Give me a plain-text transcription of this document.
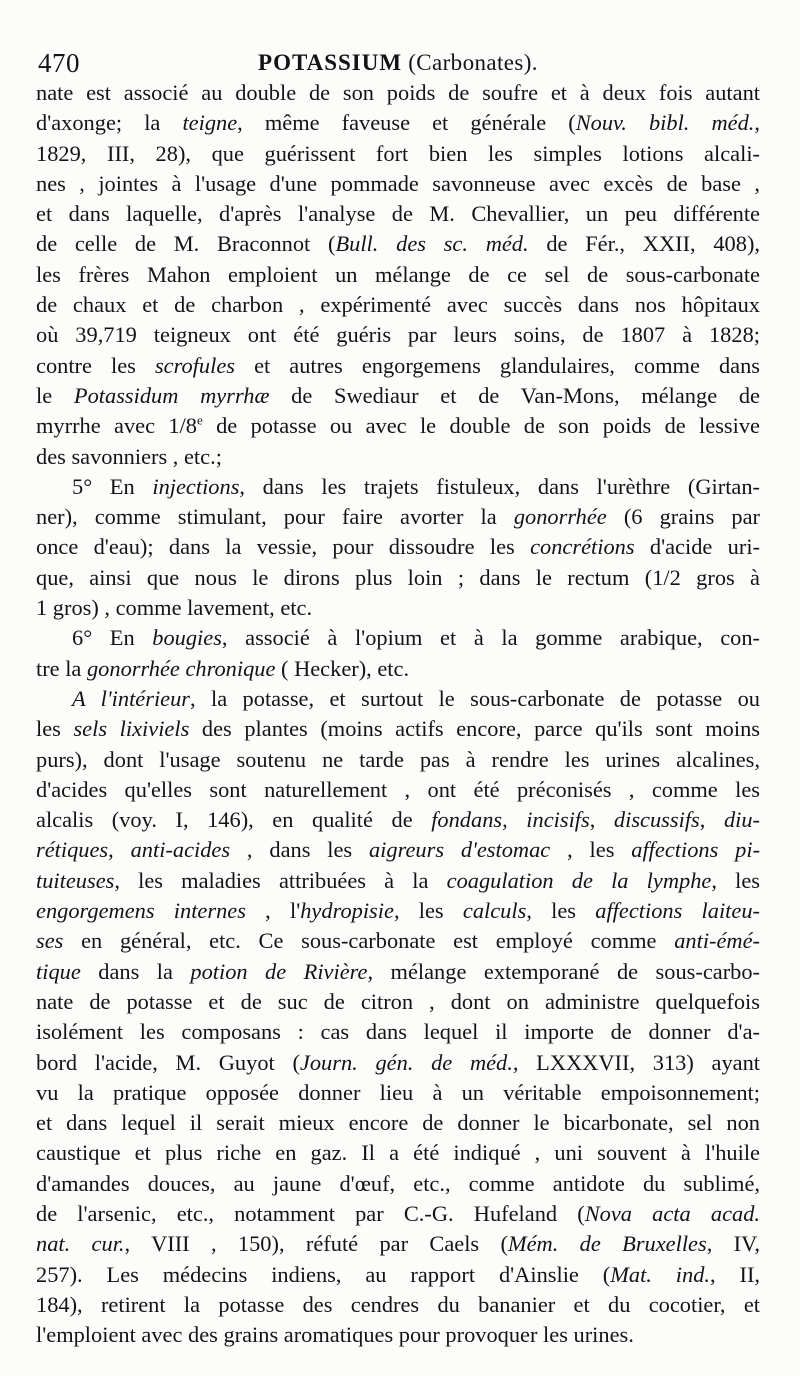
470	POTASSIUM (Carbonates).
nate est associé au double de son poids de soufre et à deux fois autant
d'axonge; la teigne, même faveuse et générale (Nouv. bibl. méd.,
1829, III, 28), que guérissent fort bien les simples lotions alcali-
nes , jointes à l'usage d'une pommade savonneuse avec excès de base ,
et dans laquelle, d'après l'analyse de M. Chevallier, un peu différente
de celle de M. Braconnot (Bull. des sc. méd. de Fér., XXII, 408),
les frères Mahon emploient un mélange de ce sel de sous-carbonate
de chaux et de charbon , expérimenté avec succès dans nos hôpitaux
où 39,719 teigneux ont été guéris par leurs soins, de 1807 à 1828;
contre les scrofules et autres engorgemens glandulaires, comme dans
le Potassidum myrrhæ de Swediaur et de Van-Mons, mélange de
myrrhe avec 1/8e de potasse ou avec le double de son poids de lessive
des savonniers , etc.;
5° En injections, dans les trajets fistuleux, dans l'urèthre (Girtan-
ner), comme stimulant, pour faire avorter la gonorrhée (6 grains par
once d'eau); dans la vessie, pour dissoudre les concrétions d'acide uri-
que, ainsi que nous le dirons plus loin ; dans le rectum (1/2 gros à
1 gros) , comme lavement, etc.
6° En bougies, associé à l'opium et à la gomme arabique, con-
tre la gonorrhée chronique ( Hecker), etc.
A l'intérieur, la potasse, et surtout le sous-carbonate de potasse ou
les sels lixiviels des plantes (moins actifs encore, parce qu'ils sont moins
purs), dont l'usage soutenu ne tarde pas à rendre les urines alcalines,
d'acides qu'elles sont naturellement , ont été préconisés , comme les
alcalis (voy. I, 146), en qualité de fondans, incisifs, discussifs, diu-
rétiques, anti-acides , dans les aigreurs d'estomac , les affections pi-
tuiteuses, les maladies attribuées à la coagulation de la lymphe, les
engorgemens internes , l'hydropisie, les calculs, les affections laiteu-
ses en général, etc. Ce sous-carbonate est employé comme anti-émé-
tique dans la potion de Rivière, mélange extemporané de sous-carbo-
nate de potasse et de suc de citron , dont on administre quelquefois
isolément les composans : cas dans lequel il importe de donner d'a-
bord l'acide, M. Guyot (Journ. gén. de méd., LXXXVII, 313) ayant
vu la pratique opposée donner lieu à un véritable empoisonnement;
et dans lequel il serait mieux encore de donner le bicarbonate, sel non
caustique et plus riche en gaz. Il a été indiqué , uni souvent à l'huile
d'amandes douces, au jaune d'œuf, etc., comme antidote du sublimé,
de l'arsenic, etc., notamment par C.-G. Hufeland (Nova acta acad.
nat. cur., VIII , 150), réfuté par Caels (Mém. de Bruxelles, IV,
257). Les médecins indiens, au rapport d'Ainslie (Mat. ind., II,
184), retirent la potasse des cendres du bananier et du cocotier, et
l'emploient avec des grains aromatiques pour provoquer les urines.
